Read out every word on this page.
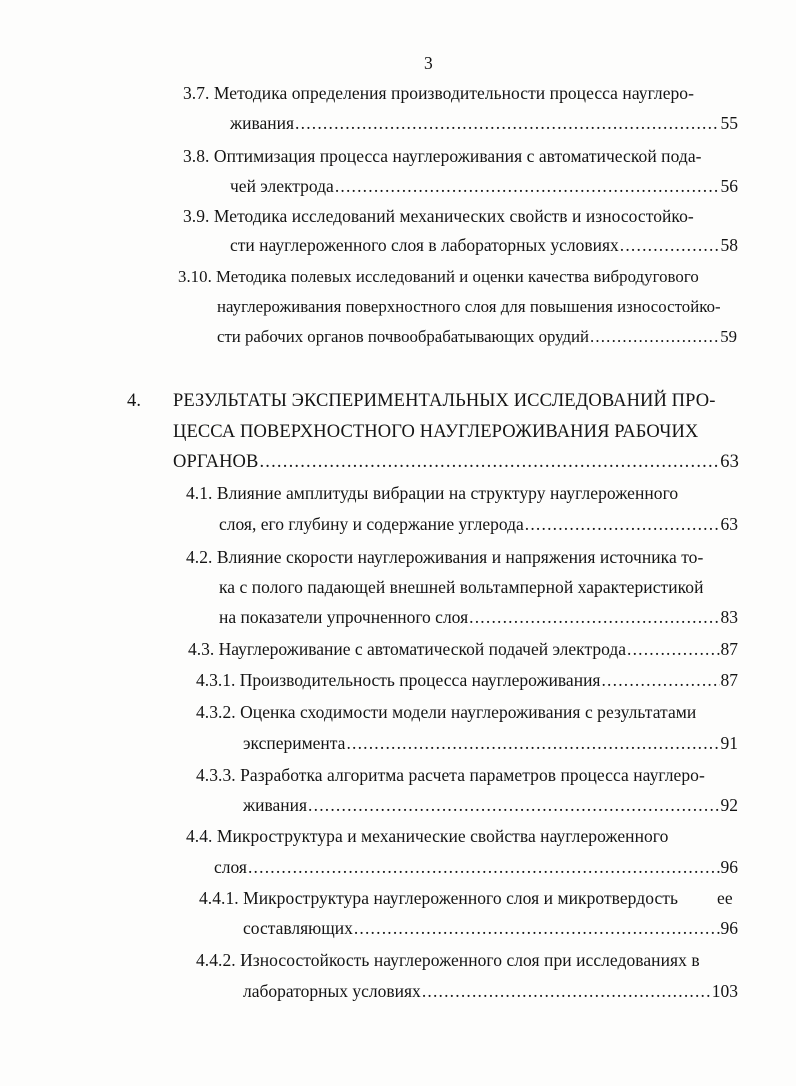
3
3.7. Методика определения производительности процесса науглеро-
живания .....	55
3.8. Оптимизация процесса науглероживания с автоматической пода-
чей электрода .....	56
3.9. Методика исследований механических свойств и износостойко-
сти науглероженного слоя в лабораторных условиях .....	58
3.10. Методика полевых исследований и оценки качества вибродугового
науглероживания поверхностного слоя для повышения износостойко-
сти рабочих органов почвообрабатывающих орудий .....	59
4. РЕЗУЛЬТАТЫ ЭКСПЕРИМЕНТАЛЬНЫХ ИССЛЕДОВАНИЙ ПРО-
ЦЕССА ПОВЕРХНОСТНОГО НАУГЛЕРОЖИВАНИЯ РАБОЧИХ
ОРГАНОВ .....	63
4.1. Влияние амплитуды вибрации на структуру науглероженного
слоя, его глубину и содержание углерода .....	63
4.2. Влияние скорости науглероживания и напряжения источника то-
ка с полого падающей внешней вольтамперной характеристикой
на показатели упрочненного слоя .....	83
4.3. Науглероживание с автоматической подачей электрода .....	87
4.3.1. Производительность процесса науглероживания .....	87
4.3.2. Оценка сходимости модели науглероживания с результатами
эксперимента .....	91
4.3.3. Разработка алгоритма расчета параметров процесса науглеро-
живания .....	92
4.4. Микроструктура и механические свойства науглероженного
слоя .....	96
4.4.1. Микроструктура науглероженного слоя и микротвердость ее
составляющих .....	96
4.4.2. Износостойкость науглероженного слоя при исследованиях в
лабораторных условиях .....	103
